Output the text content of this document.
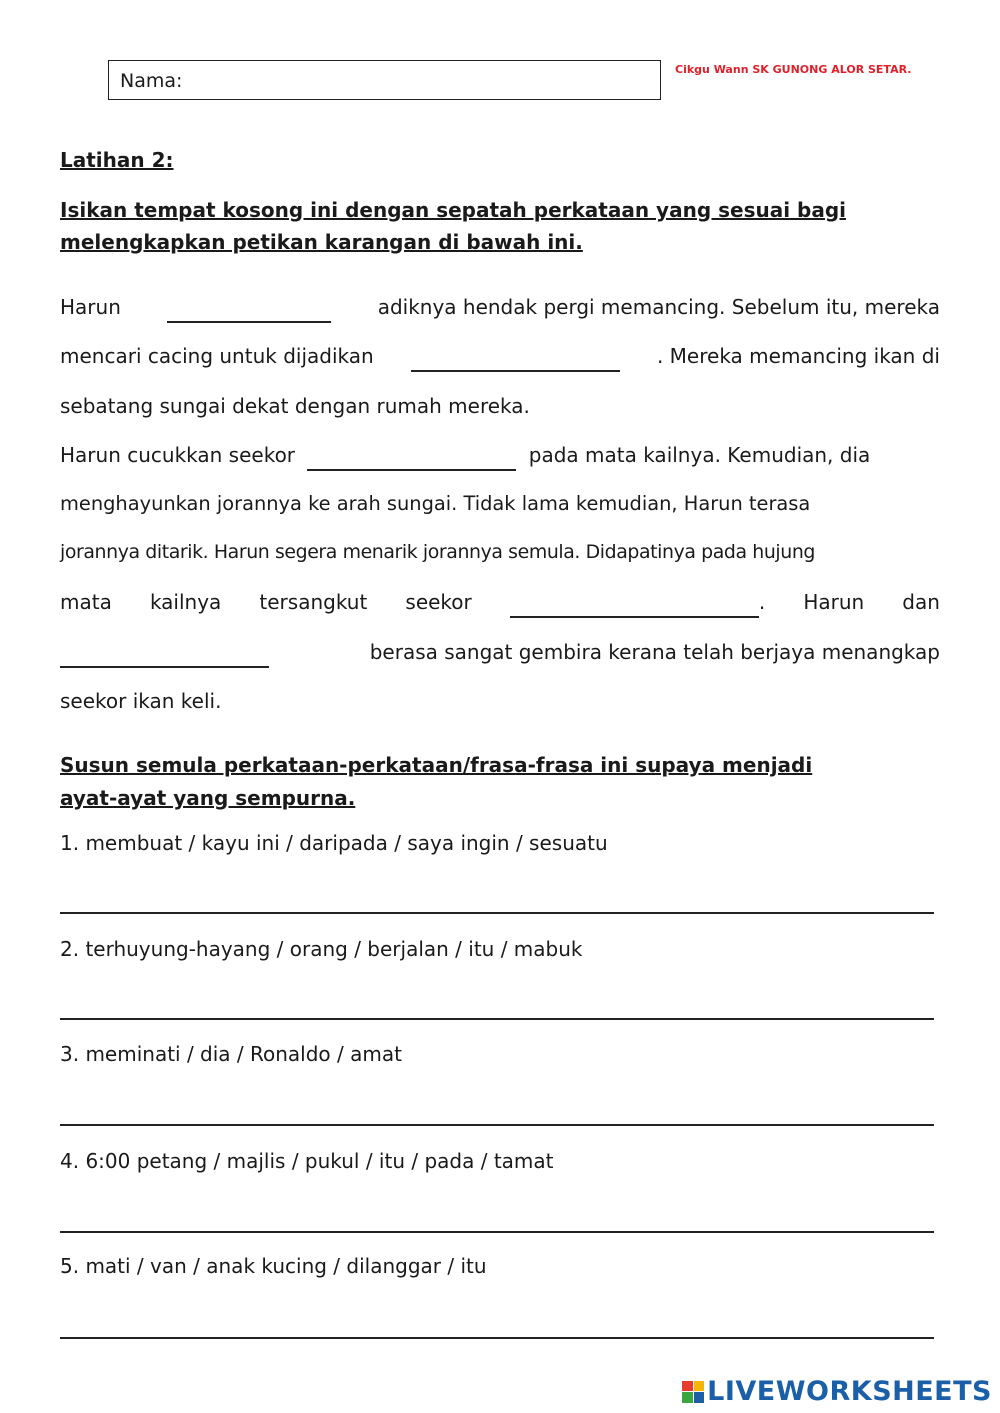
Nama:
Cikgu Wann SK GUNONG ALOR SETAR.
Latihan 2:
Isikan tempat kosong ini dengan sepatah perkataan yang sesuai bagi
melengkapkan petikan karangan di bawah ini.
Harun	adiknya hendak pergi memancing. Sebelum itu, mereka
mencari cacing untuk dijadikan	. Mereka memancing ikan di
sebatang sungai dekat dengan rumah mereka.
Harun cucukkan seekor	pada mata kailnya. Kemudian, dia
menghayunkan jorannya ke arah sungai. Tidak lama kemudian, Harun terasa
jorannya ditarik. Harun segera menarik jorannya semula. Didapatinya pada hujung
mata kailnya tersangkut seekor	. Harun dan
berasa sangat gembira kerana telah berjaya menangkap
seekor ikan keli.
Susun semula perkataan-perkataan/frasa-frasa ini supaya menjadi
ayat-ayat yang sempurna.
1. membuat / kayu ini / daripada / saya ingin / sesuatu
2. terhuyung-hayang / orang / berjalan / itu / mabuk
3. meminati / dia / Ronaldo / amat
4. 6:00 petang / majlis / pukul / itu / pada / tamat
5. mati / van / anak kucing / dilanggar / itu
LIVEWORKSHEETS
